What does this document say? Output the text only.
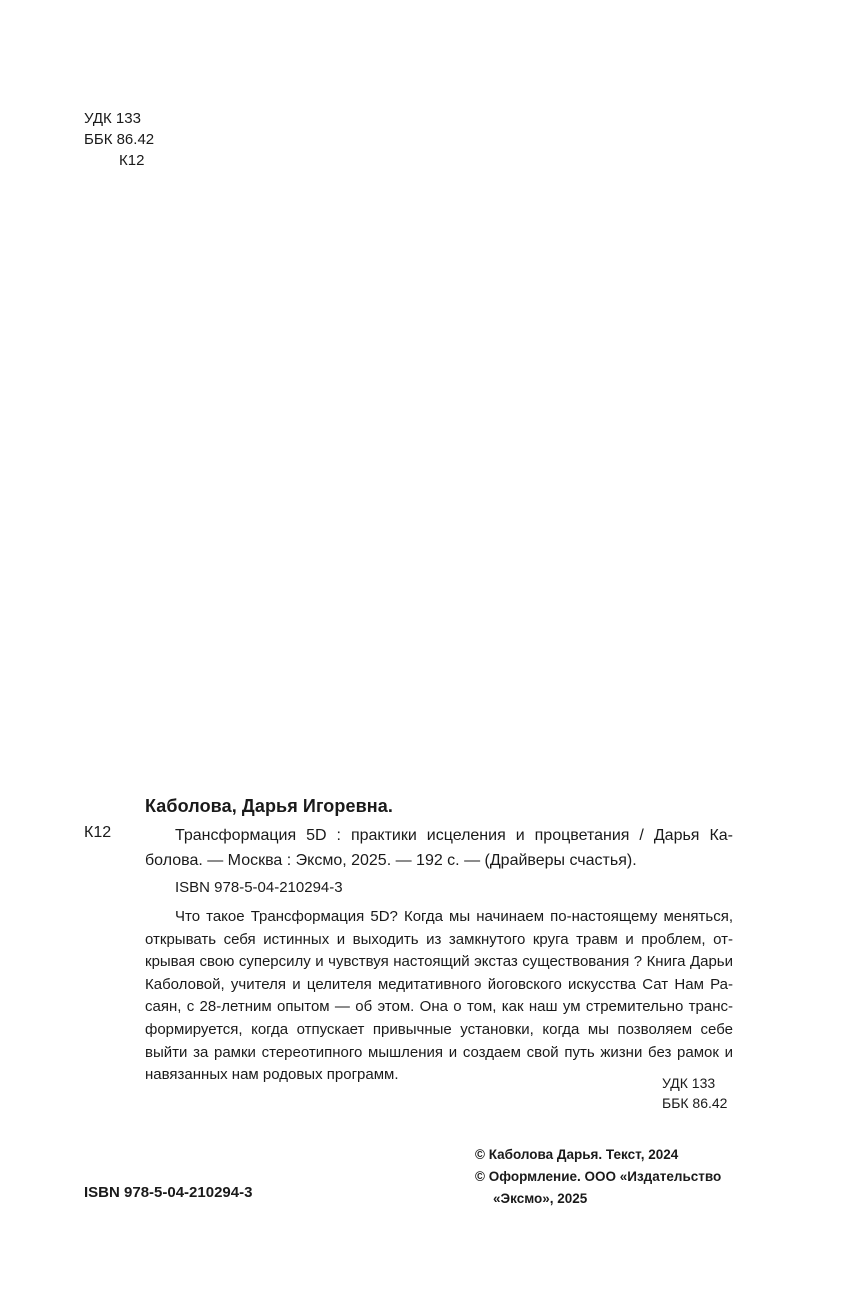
УДК 133
ББК 86.42
К12
Каболова, Дарья Игоревна.
К12	Трансформация 5D : практики исцеления и процветания / Дарья Ка-
болова. — Москва : Эксмо, 2025. — 192 с. — (Драйверы счастья).
ISBN 978-5-04-210294-3
Что такое Трансформация 5D? Когда мы начинаем по-настоящему меняться,
открывать себя истинных и выходить из замкнутого круга травм и проблем, от-
крывая свою суперсилу и чувствуя настоящий экстаз существования ? Книга Дарьи
Каболовой, учителя и целителя медитативного йоговского искусства Сат Нам Ра-
саян, с 28-летним опытом — об этом. Она о том, как наш ум стремительно транс-
формируется, когда отпускает привычные установки, когда мы позволяем себе
выйти за рамки стереотипного мышления и создаем свой путь жизни без рамок и
навязанных нам родовых программ.	УДК 133
ББК 86.42
© Каболова Дарья. Текст, 2024
© Оформление. ООО «Издательство
«Эксмо», 2025
ISBN 978-5-04-210294-3
